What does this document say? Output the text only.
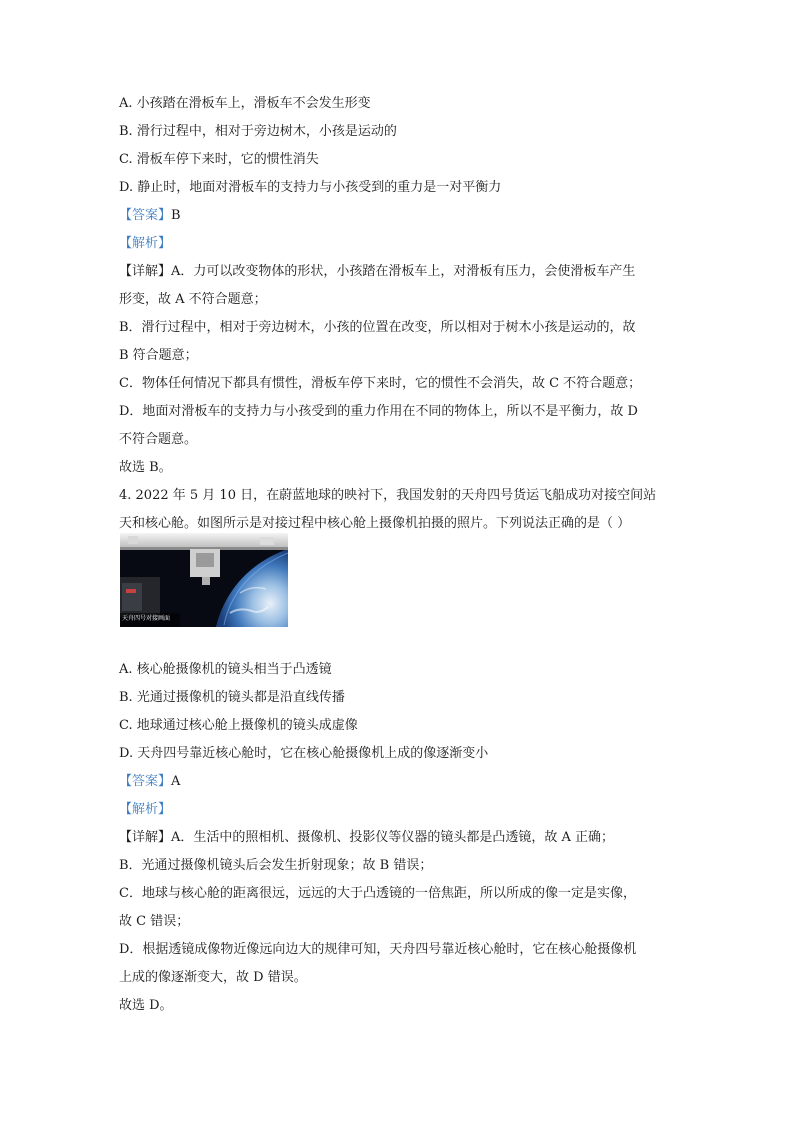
A. 小孩踏在滑板车上，滑板车不会发生形变
B. 滑行过程中，相对于旁边树木，小孩是运动的
C. 滑板车停下来时，它的惯性消失
D. 静止时，地面对滑板车的支持力与小孩受到的重力是一对平衡力
【答案】B
【解析】
【详解】A．力可以改变物体的形状，小孩踏在滑板车上，对滑板有压力，会使滑板车产生
形变，故 A 不符合题意；
B．滑行过程中，相对于旁边树木，小孩的位置在改变，所以相对于树木小孩是运动的，故
B 符合题意；
C．物体任何情况下都具有惯性，滑板车停下来时，它的惯性不会消失，故 C 不符合题意；
D．地面对滑板车的支持力与小孩受到的重力作用在不同的物体上，所以不是平衡力，故 D
不符合题意。
故选 B。
4. 2022 年 5 月 10 日，在蔚蓝地球的映衬下，我国发射的天舟四号货运飞船成功对接空间站
天和核心舱。如图所示是对接过程中核心舱上摄像机拍摄的照片。下列说法正确的是（ ）
天舟四号对接画面
A. 核心舱摄像机的镜头相当于凸透镜
B. 光通过摄像机的镜头都是沿直线传播
C. 地球通过核心舱上摄像机的镜头成虚像
D. 天舟四号靠近核心舱时，它在核心舱摄像机上成的像逐渐变小
【答案】A
【解析】
【详解】A．生活中的照相机、摄像机、投影仪等仪器的镜头都是凸透镜，故 A 正确；
B．光通过摄像机镜头后会发生折射现象；故 B 错误；
C．地球与核心舱的距离很远，远远的大于凸透镜的一倍焦距，所以所成的像一定是实像，
故 C 错误；
D．根据透镜成像物近像远向边大的规律可知，天舟四号靠近核心舱时，它在核心舱摄像机
上成的像逐渐变大，故 D 错误。
故选 D。
